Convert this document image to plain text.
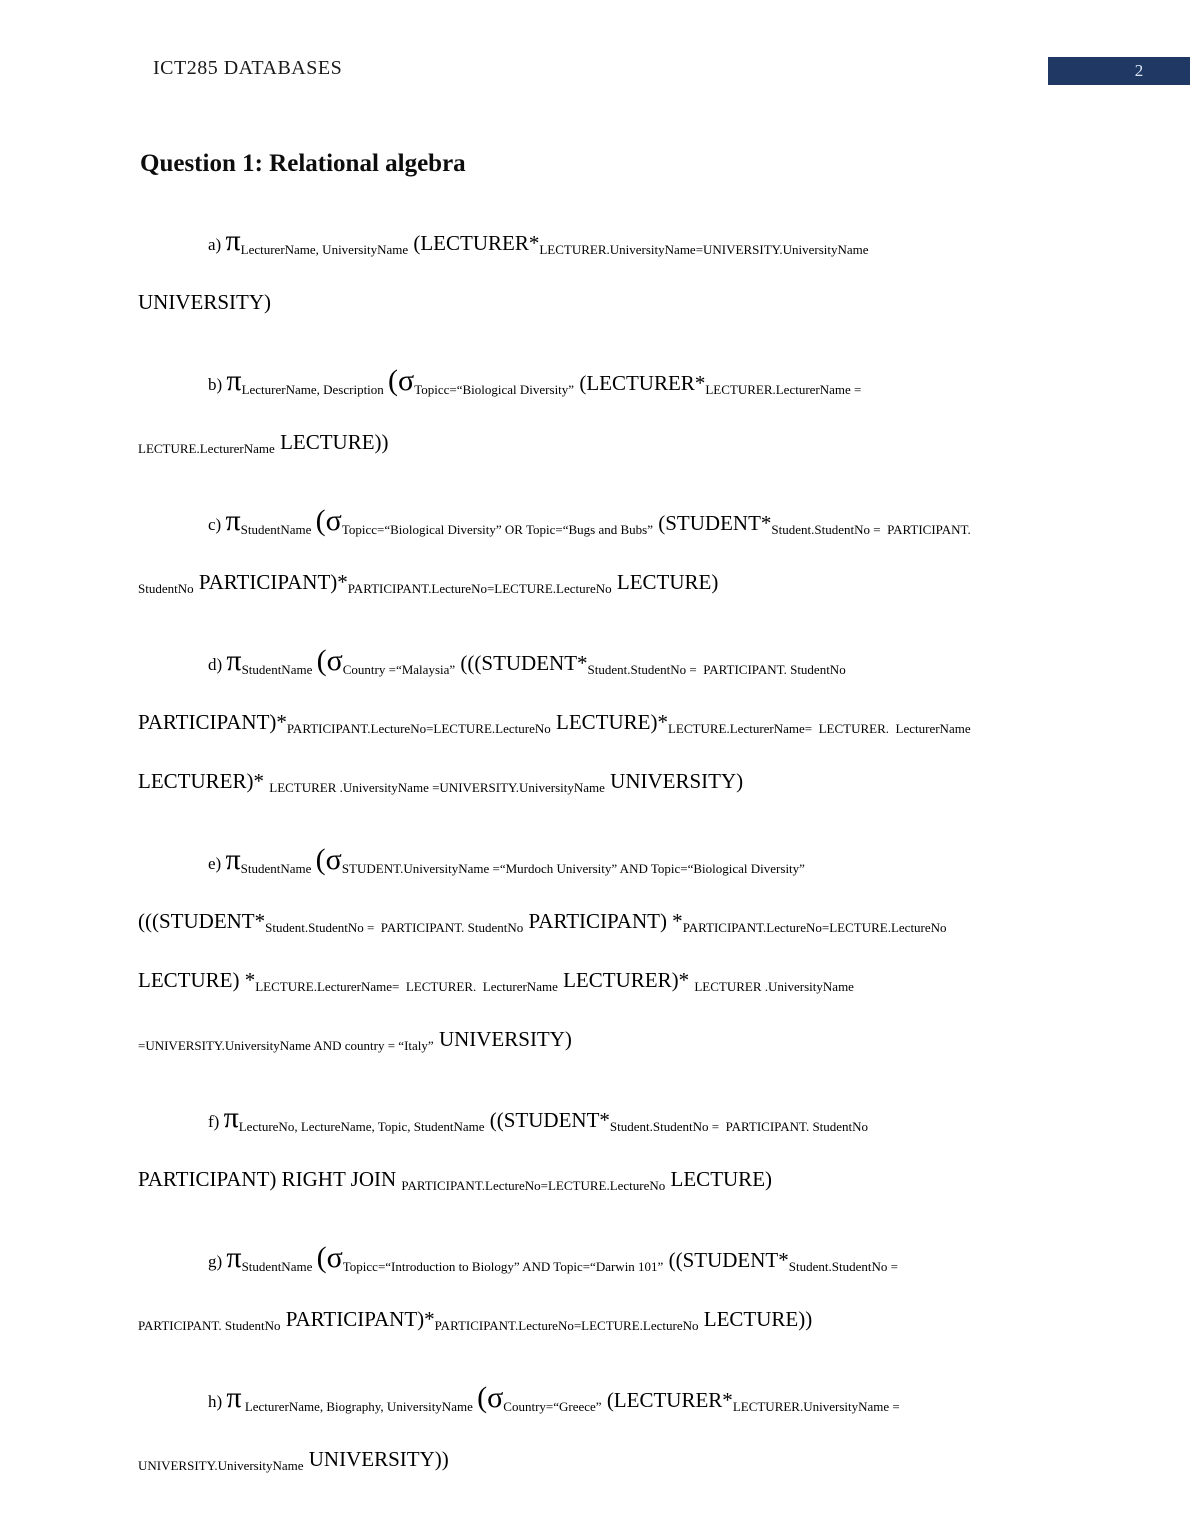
ICT285 DATABASES	2
Question 1: Relational algebra

a) $\pi_{LecturerName, UniversityName}$ ($LECTURER*_{LECTURER.UniversityName=UNIVERSITY.UniversityName}$
UNIVERSITY)

b) $\pi_{LecturerName, Description}$ ($\sigma_{Topicc=“Biological Diversity”}$ ($LECTURER*_{LECTURER.LecturerName =}$
$_{LECTURE.LecturerName}$ LECTURE))

c) $\pi_{StudentName}$ ($\sigma_{Topicc=“Biological Diversity” OR Topic=“Bugs and Bubs”}$ ($STUDENT*_{Student.StudentNo = PARTICIPANT.}$
$_{StudentNo}$ $PARTICIPANT)*_{PARTICIPANT.LectureNo=LECTURE.LectureNo}$ LECTURE)

d) $\pi_{StudentName}$ ($\sigma_{Country =“Malaysia”}$ ((($STUDENT*_{Student.StudentNo = PARTICIPANT. StudentNo}$
$PARTICIPANT)*_{PARTICIPANT.LectureNo=LECTURE.LectureNo}$ $LECTURE)*_{LECTURE.LecturerName= LECTURER. LecturerName}$
LECTURER)* $_{LECTURER .UniversityName =UNIVERSITY.UniversityName}$ UNIVERSITY)

e) $\pi_{StudentName}$ ($\sigma_{STUDENT.UniversityName =“Murdoch University” AND Topic=“Biological Diversity”}$
((($STUDENT*_{Student.StudentNo = PARTICIPANT. StudentNo}$ PARTICIPANT) $*_{PARTICIPANT.LectureNo=LECTURE.LectureNo}$
LECTURE) $*_{LECTURE.LecturerName= LECTURER. LecturerName}$ LECTURER)* $_{LECTURER .UniversityName}$
$_{=UNIVERSITY.UniversityName AND country = “Italy”}$ UNIVERSITY)

f) $\pi_{LectureNo, LectureName, Topic, StudentName}$ (($STUDENT*_{Student.StudentNo = PARTICIPANT. StudentNo}$
PARTICIPANT) RIGHT JOIN $_{PARTICIPANT.LectureNo=LECTURE.LectureNo}$ LECTURE)

g) $\pi_{StudentName}$ ($\sigma_{Topicc=“Introduction to Biology” AND Topic=“Darwin 101”}$ (($STUDENT*_{Student.StudentNo =}$
$_{PARTICIPANT. StudentNo}$ $PARTICIPANT)*_{PARTICIPANT.LectureNo=LECTURE.LectureNo}$ LECTURE))

h) π $_{LecturerName, Biography, UniversityName}$ ($\sigma_{Country=“Greece”}$ ($LECTURER*_{LECTURER.UniversityName =}$
$_{UNIVERSITY.UniversityName}$ UNIVERSITY))
